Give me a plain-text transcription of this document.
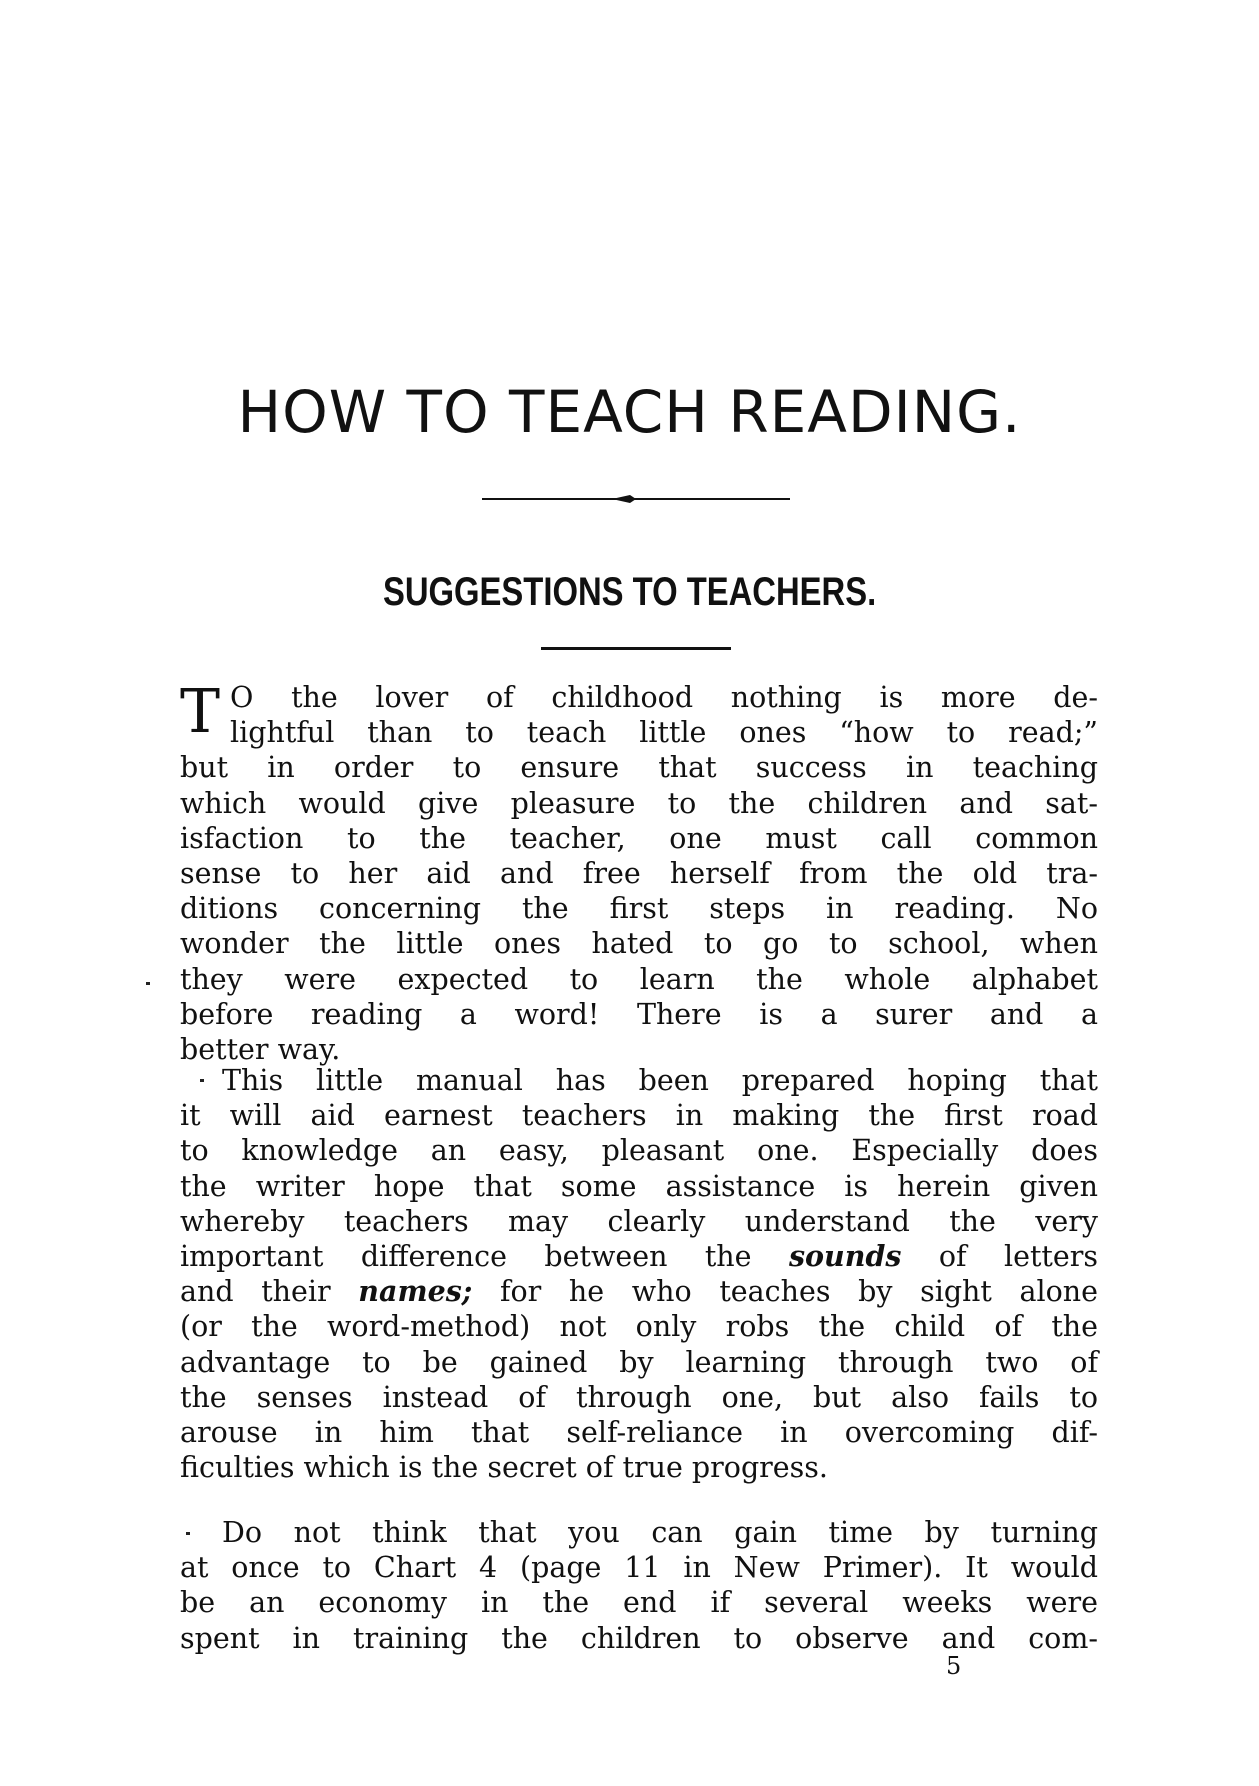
HOW TO TEACH READING.
SUGGESTIONS TO TEACHERS.
T O the lover of childhood nothing is more de-
lightful than to teach little ones “how to read;”
but in order to ensure that success in teaching
which would give pleasure to the children and sat-
isfaction to the teacher, one must call common
sense to her aid and free herself from the old tra-
ditions concerning the first steps in reading. No
wonder the little ones hated to go to school, when
they were expected to learn the whole alphabet
before reading a word! There is a surer and a
better way.
This little manual has been prepared hoping that
it will aid earnest teachers in making the first road
to knowledge an easy, pleasant one. Especially does
the writer hope that some assistance is herein given
whereby teachers may clearly understand the very
important difference between the sounds of letters
and their names; for he who teaches by sight alone
(or the word-method) not only robs the child of the
advantage to be gained by learning through two of
the senses instead of through one, but also fails to
arouse in him that self-reliance in overcoming dif-
ficulties which is the secret of true progress.
Do not think that you can gain time by turning
at once to Chart 4 (page 11 in New Primer). It would
be an economy in the end if several weeks were
spent in training the children to observe and com-
5
